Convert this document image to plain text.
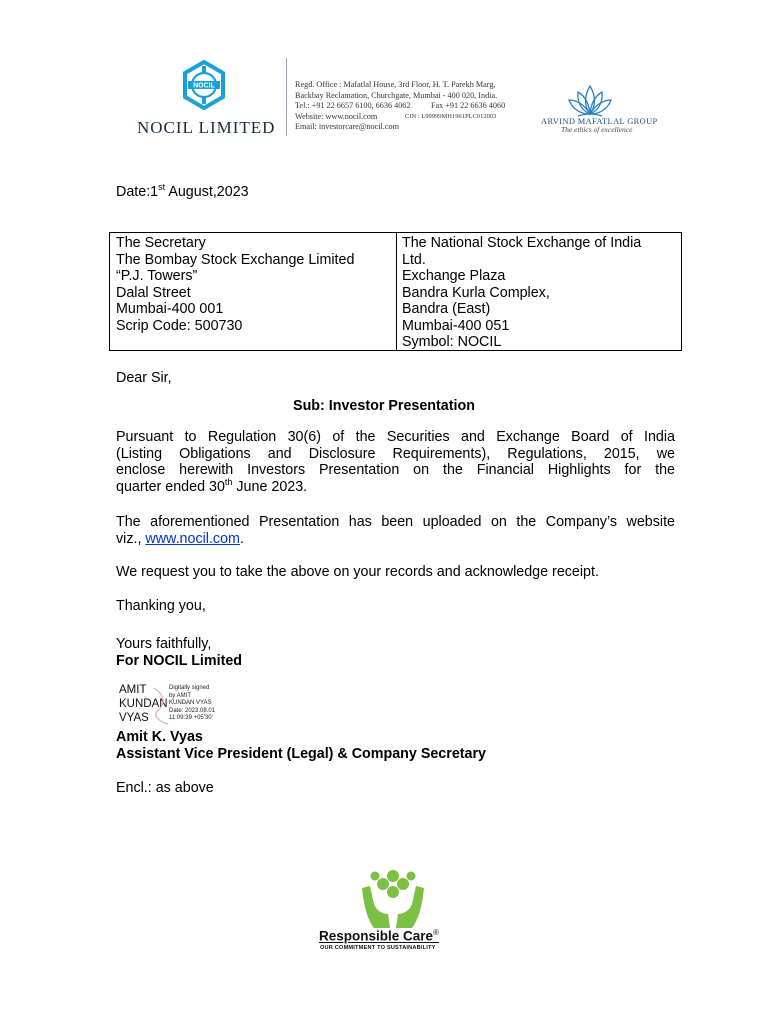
NOCIL
NOCIL LIMITED
Regd. Office : Mafatlal House, 3rd Floor, H. T. Parekh Marg,
Backbay Reclamation, Churchgate, Mumbai - 400 020, India.
Tel.: +91 22 6657 6100, 6636 4062          Fax +91 22 6636 4060
Website: www.nocil.com
Email: investorcare@nocil.com
CIN : L99999MH1961PLC012003
ARVIND MAFATLAL GROUP
The ethics of excellence
Date:1st August,2023
The Secretary
The Bombay Stock Exchange Limited
“P.J. Towers”
Dalal Street
Mumbai-400 001
Scrip Code: 500730
The National Stock Exchange of India
Ltd.
Exchange Plaza
Bandra Kurla Complex,
Bandra (East)
Mumbai-400 051
Symbol: NOCIL
Dear Sir,
Sub: Investor Presentation
Pursuant to Regulation 30(6) of the Securities and Exchange Board of India
(Listing Obligations and Disclosure Requirements), Regulations, 2015, we
enclose herewith Investors Presentation on the Financial Highlights for the
quarter ended 30th June 2023.
The aforementioned Presentation has been uploaded on the Company’s website
viz., www.nocil.com.
We request you to take the above on your records and acknowledge receipt.
Thanking you,
Yours faithfully,
For NOCIL Limited
AMIT
KUNDAN
VYAS
Digitally signed
by AMIT
KUNDAN VYAS
Date: 2023.08.01
11:09:39 +05'30'
Amit K. Vyas
Assistant Vice President (Legal) & Company Secretary
Encl.: as above
Responsible Care®
OUR COMMITMENT TO SUSTAINABILITY
